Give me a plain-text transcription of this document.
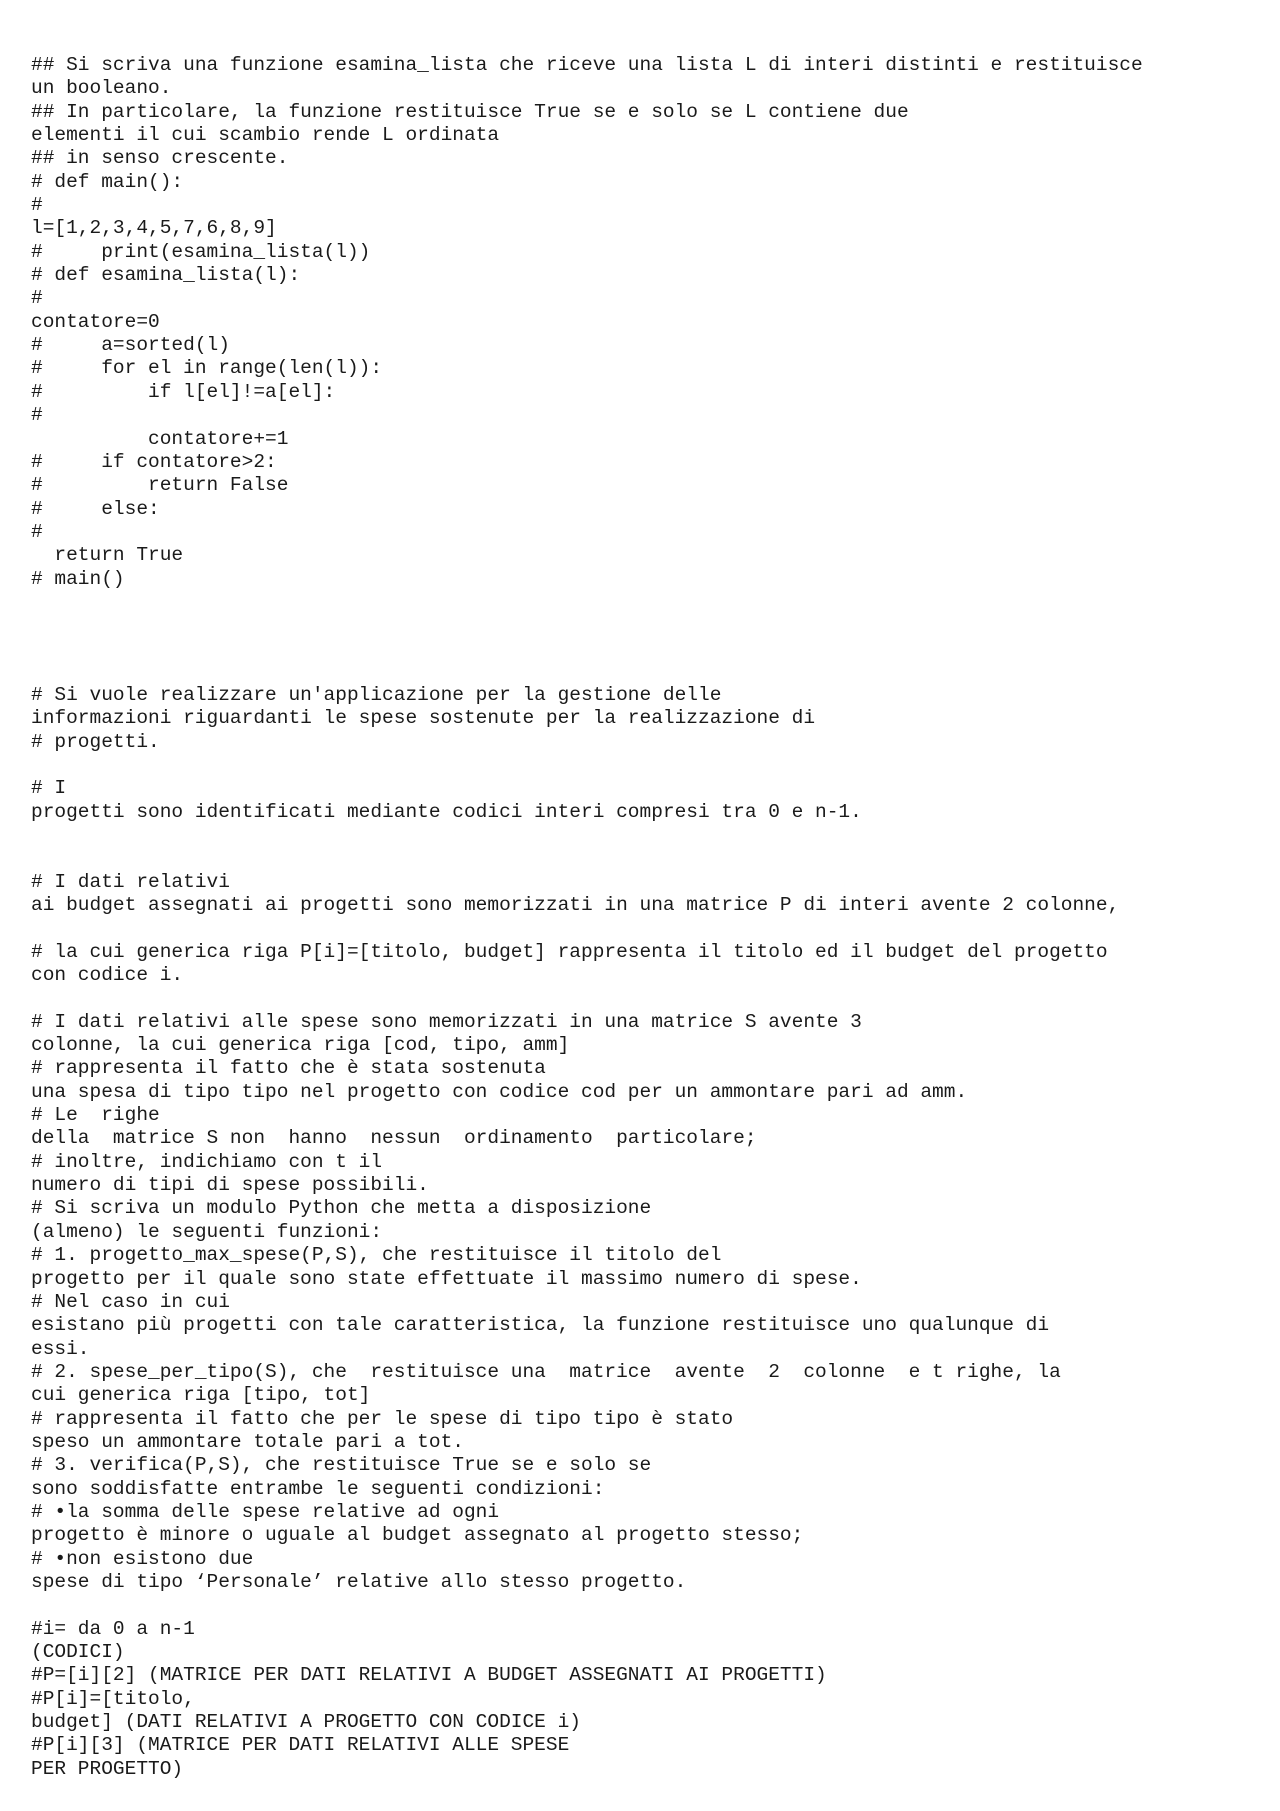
## Si scriva una funzione esamina_lista che riceve una lista L di interi distinti e restituisce
un booleano.
## In particolare, la funzione restituisce True se e solo se L contiene due
elementi il cui scambio rende L ordinata
## in senso crescente.
# def main():
#
l=[1,2,3,4,5,7,6,8,9]
#     print(esamina_lista(l))
# def esamina_lista(l):
#
contatore=0
#     a=sorted(l)
#     for el in range(len(l)):
#         if l[el]!=a[el]:
#
contatore+=1
#     if contatore>2:
#         return False
#     else:
#
return True
# main()
# Si vuole realizzare un'applicazione per la gestione delle
informazioni riguardanti le spese sostenute per la realizzazione di
# progetti.
# I
progetti sono identificati mediante codici interi compresi tra 0 e n-1.
# I dati relativi
ai budget assegnati ai progetti sono memorizzati in una matrice P di interi avente 2 colonne,
# la cui generica riga P[i]=[titolo, budget] rappresenta il titolo ed il budget del progetto
con codice i.
# I dati relativi alle spese sono memorizzati in una matrice S avente 3
colonne, la cui generica riga [cod, tipo, amm]
# rappresenta il fatto che è stata sostenuta
una spesa di tipo tipo nel progetto con codice cod per un ammontare pari ad amm.
# Le  righe
della  matrice S non  hanno  nessun  ordinamento  particolare;
# inoltre, indichiamo con t il
numero di tipi di spese possibili.
# Si scriva un modulo Python che metta a disposizione
(almeno) le seguenti funzioni:
# 1. progetto_max_spese(P,S), che restituisce il titolo del
progetto per il quale sono state effettuate il massimo numero di spese.
# Nel caso in cui
esistano più progetti con tale caratteristica, la funzione restituisce uno qualunque di
essi.
# 2. spese_per_tipo(S), che  restituisce una  matrice  avente  2  colonne  e t righe, la
cui generica riga [tipo, tot]
# rappresenta il fatto che per le spese di tipo tipo è stato
speso un ammontare totale pari a tot.
# 3. verifica(P,S), che restituisce True se e solo se
sono soddisfatte entrambe le seguenti condizioni:
# •la somma delle spese relative ad ogni
progetto è minore o uguale al budget assegnato al progetto stesso;
# •non esistono due
spese di tipo ‘Personale’ relative allo stesso progetto.
#i= da 0 a n-1
(CODICI)
#P=[i][2] (MATRICE PER DATI RELATIVI A BUDGET ASSEGNATI AI PROGETTI)
#P[i]=[titolo,
budget] (DATI RELATIVI A PROGETTO CON CODICE i)
#P[i][3] (MATRICE PER DATI RELATIVI ALLE SPESE
PER PROGETTO)
